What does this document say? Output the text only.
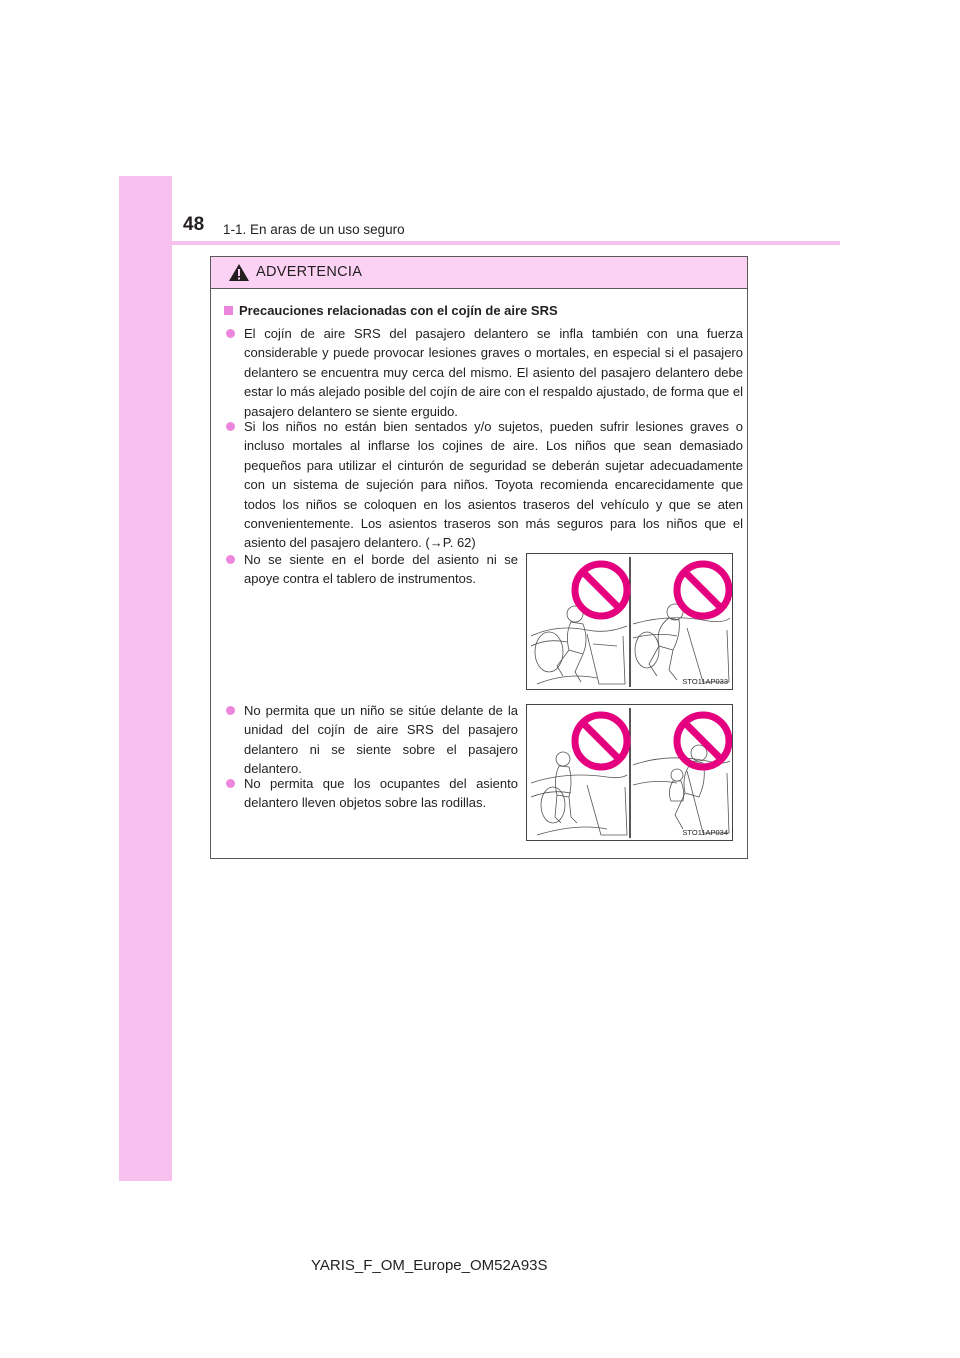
48 1-1. En aras de un uso seguro
ADVERTENCIA
Precauciones relacionadas con el cojín de aire SRS
El cojín de aire SRS del pasajero delantero se infla también con una fuerza considerable y puede provocar lesiones graves o mortales, en especial si el pasajero delantero se encuentra muy cerca del mismo. El asiento del pasajero delantero debe estar lo más alejado posible del cojín de aire con el respaldo ajustado, de forma que el pasajero delantero se siente erguido.
Si los niños no están bien sentados y/o sujetos, pueden sufrir lesiones graves o incluso mortales al inflarse los cojines de aire. Los niños que sean demasiado pequeños para utilizar el cinturón de seguridad se deberán sujetar adecuadamente con un sistema de sujeción para niños. Toyota recomienda encarecidamente que todos los niños se coloquen en los asientos traseros del vehículo y que se aten convenientemente. Los asientos traseros son más seguros para los niños que el asiento del pasajero delantero. (→P. 62)
No se siente en el borde del asiento ni se apoye contra el tablero de instrumentos.
No permita que un niño se sitúe delante de la unidad del cojín de aire SRS del pasajero delantero ni se siente sobre el pasajero delantero.
No permita que los ocupantes del asiento delantero lleven objetos sobre las rodillas.
STO11AP033
STO11AP034
YARIS_F_OM_Europe_OM52A93S
